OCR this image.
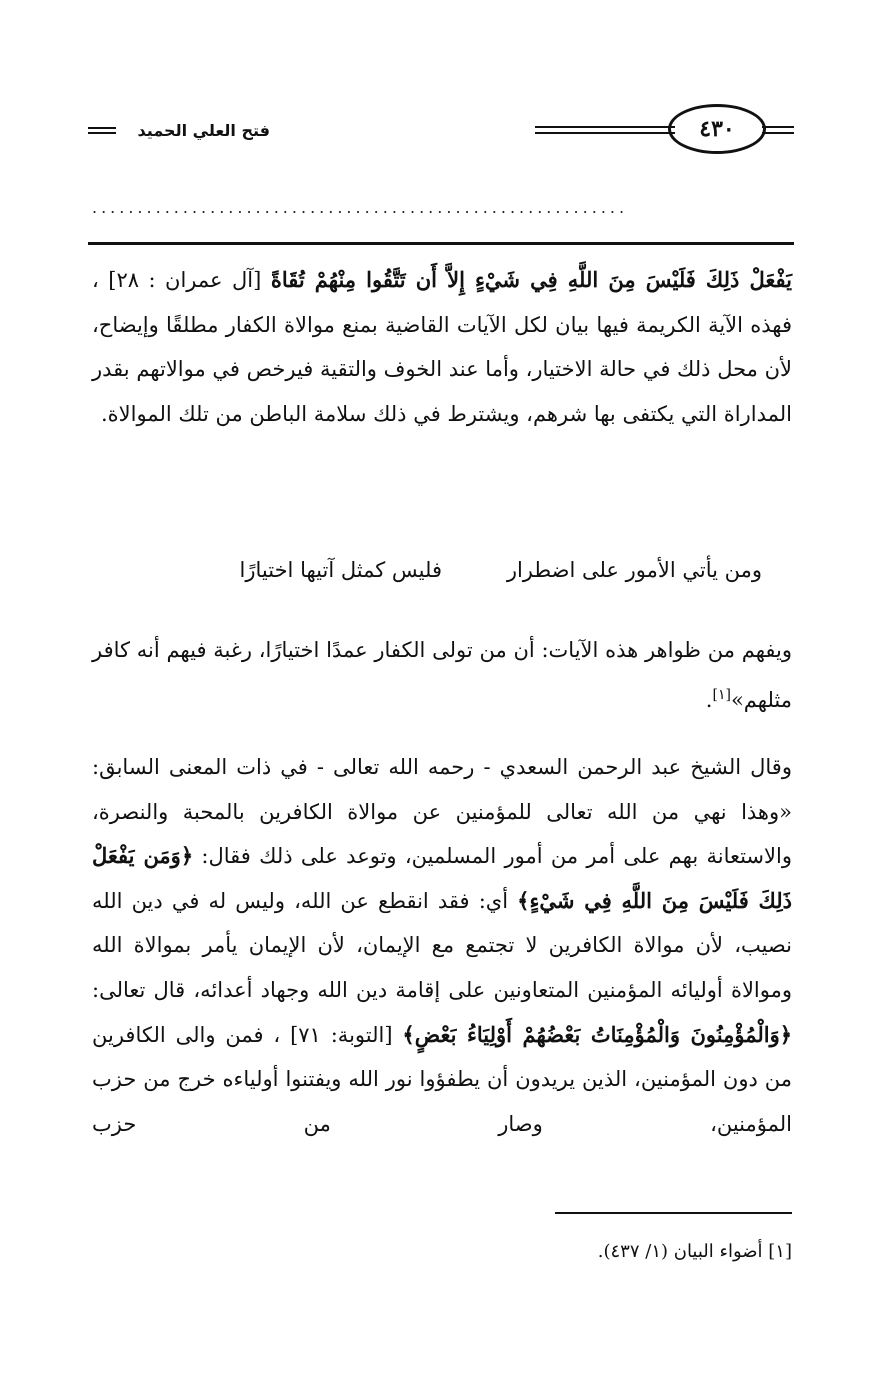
فتح العلي الحميد	٤٣٠
...........................................................

يَفْعَلْ ذَلِكَ فَلَيْسَ مِنَ اللَّهِ فِي شَيْءٍ إِلاَّ أَن تَتَّقُوا مِنْهُمْ تُقَاةً [آل عمران : ٢٨] ، فهذه الآية الكريمة فيها بيان لكل الآيات القاضية بمنع موالاة الكفار مطلقًا وإيضاح، لأن محل ذلك في حالة الاختيار، وأما عند الخوف والتقية فيرخص في موالاتهم بقدر المداراة التي يكتفى بها شرهم، ويشترط في ذلك سلامة الباطن من تلك الموالاة.

ومن يأتي الأمور على اضطرار
فليس كمثل آتيها اختيارًا

ويفهم من ظواهر هذه الآيات: أن من تولى الكفار عمدًا اختيارًا، رغبة فيهم أنه كافر مثلهم»[١].

وقال الشيخ عبد الرحمن السعدي - رحمه الله تعالى - في ذات المعنى السابق: «وهذا نهي من الله تعالى للمؤمنين عن موالاة الكافرين بالمحبة والنصرة، والاستعانة بهم على أمر من أمور المسلمين، وتوعد على ذلك فقال: ﴿وَمَن يَفْعَلْ ذَلِكَ فَلَيْسَ مِنَ اللَّهِ فِي شَيْءٍ﴾ أي: فقد انقطع عن الله، وليس له في دين الله نصيب، لأن موالاة الكافرين لا تجتمع مع الإيمان، لأن الإيمان يأمر بموالاة الله وموالاة أوليائه المؤمنين المتعاونين على إقامة دين الله وجهاد أعدائه، قال تعالى: ﴿وَالْمُؤْمِنُونَ وَالْمُؤْمِنَاتُ بَعْضُهُمْ أَوْلِيَاءُ بَعْضٍ﴾ [التوبة: ٧١] ، فمن والى الكافرين من دون المؤمنين، الذين يريدون أن يطفؤوا نور الله ويفتنوا أولياءه خرج من حزب المؤمنين، وصار من حزب

[١] أضواء البيان (١/ ٤٣٧).
